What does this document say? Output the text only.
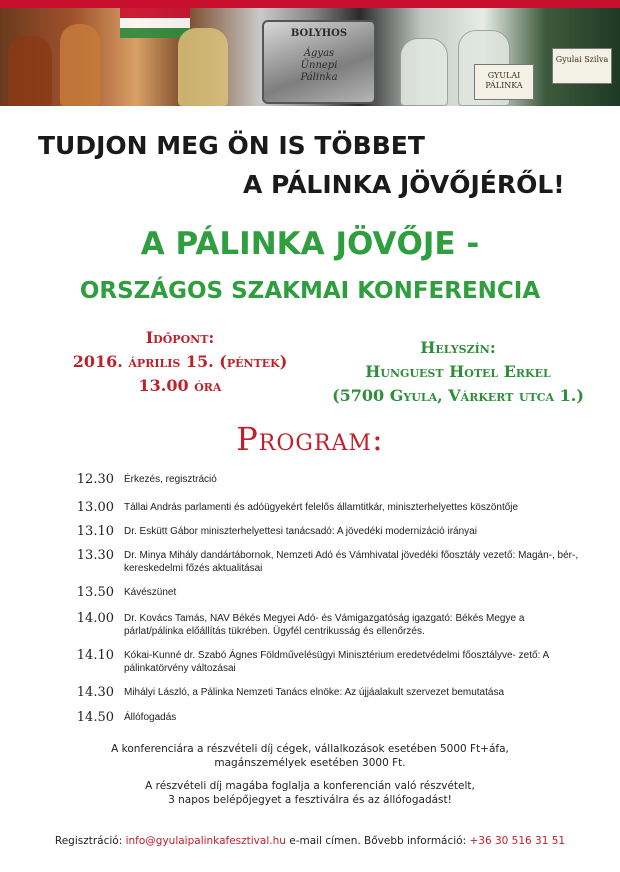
BOLYHOS
Ágyas
Ünnepi
Pálinka	GYULAI PÁLINKA
Gyulai Szilva
TUDJON MEG ÖN IS TÖBBET
A PÁLINKA JÖVŐJÉRŐL!
A PÁLINKA JÖVŐJE -
ORSZÁGOS SZAKMAI KONFERENCIA
Időpont:
2016. április 15. (péntek)
13.00 óra
Helyszín:
Hunguest Hotel Erkel
(5700 Gyula, Várkert utca 1.)
Program:
12.30	Érkezés, regisztráció
13.00	Tállai András parlamenti és adóügyekért felelős államtitkár, miniszterhelyettes köszöntője
13.10	Dr. Eskütt Gábor miniszterhelyettesi tanácsadó: A jövedéki modernizáció irányai
13.30	Dr. Minya Mihály dandártábornok, Nemzeti Adó és Vámhivatal jövedéki főosztály vezető: Magán-, bér-, kereskedelmi főzés aktualitásai
13.50	Kávészünet
14.00	Dr. Kovács Tamás, NAV Békés Megyei Adó- és Vámigazgatóság igazgató: Békés Megye a párlat/pálinka előállítás tükrében. Ügyfél centrikusság és ellenőrzés.
14.10	Kókai-Kunné dr. Szabó Ágnes Földművelésügyi Minisztérium eredetvédelmi főosztályve- zető: A pálinkatörvény változásai
14.30	Mihályi László, a Pálinka Nemzeti Tanács elnöke: Az újjáalakult szervezet bemutatása
14.50	Állófogadás
A konferenciára a részvételi díj cégek, vállalkozások esetében 5000 Ft+áfa,
magánszemélyek esetében 3000 Ft.
A részvételi díj magába foglalja a konferencián való részvételt,
3 napos belépőjegyet a fesztiválra és az állófogadást!
Regisztráció: info@gyulaipalinkafesztival.hu e-mail címen. Bővebb információ: +36 30 516 31 51
